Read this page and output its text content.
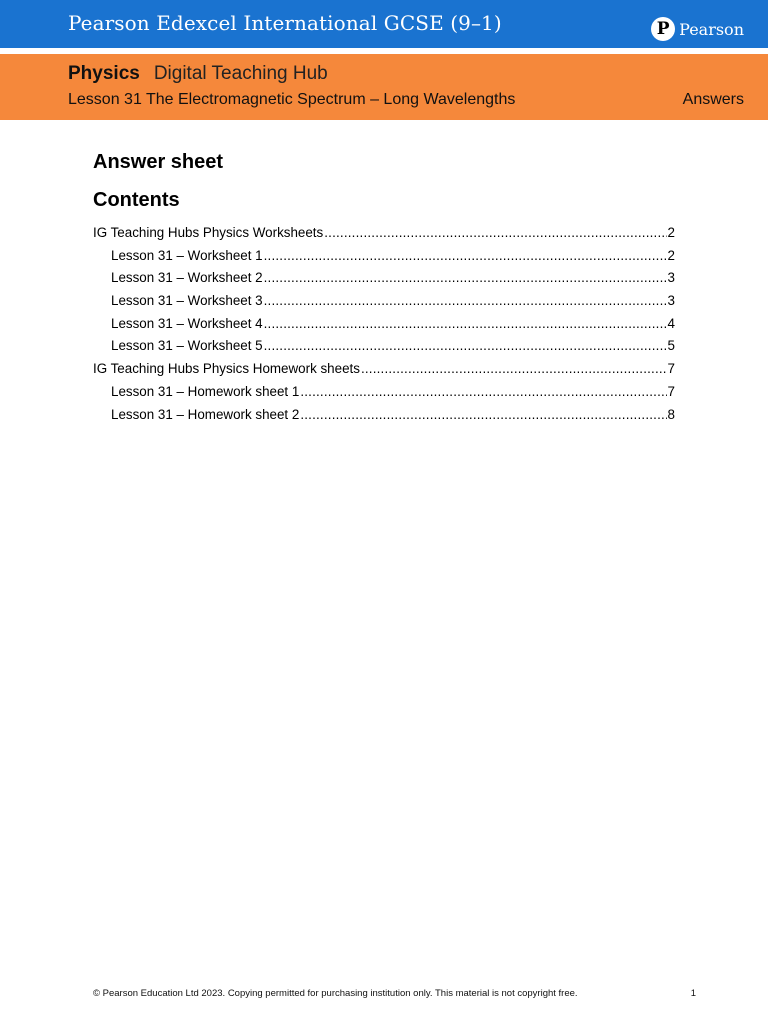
Pearson Edexcel International GCSE (9–1)	P Pearson
Physics Digital Teaching Hub
Lesson 31 The Electromagnetic Spectrum – Long Wavelengths	Answers
Answer sheet
Contents
IG Teaching Hubs Physics Worksheets .....	2
Lesson 31 – Worksheet 1 .....	2
Lesson 31 – Worksheet 2 .....	3
Lesson 31 – Worksheet 3 .....	3
Lesson 31 – Worksheet 4 .....	4
Lesson 31 – Worksheet 5 .....	5
IG Teaching Hubs Physics Homework sheets .....	7
Lesson 31 – Homework sheet 1 .....	7
Lesson 31 – Homework sheet 2 .....	8
© Pearson Education Ltd 2023. Copying permitted for purchasing institution only. This material is not copyright free.	1
